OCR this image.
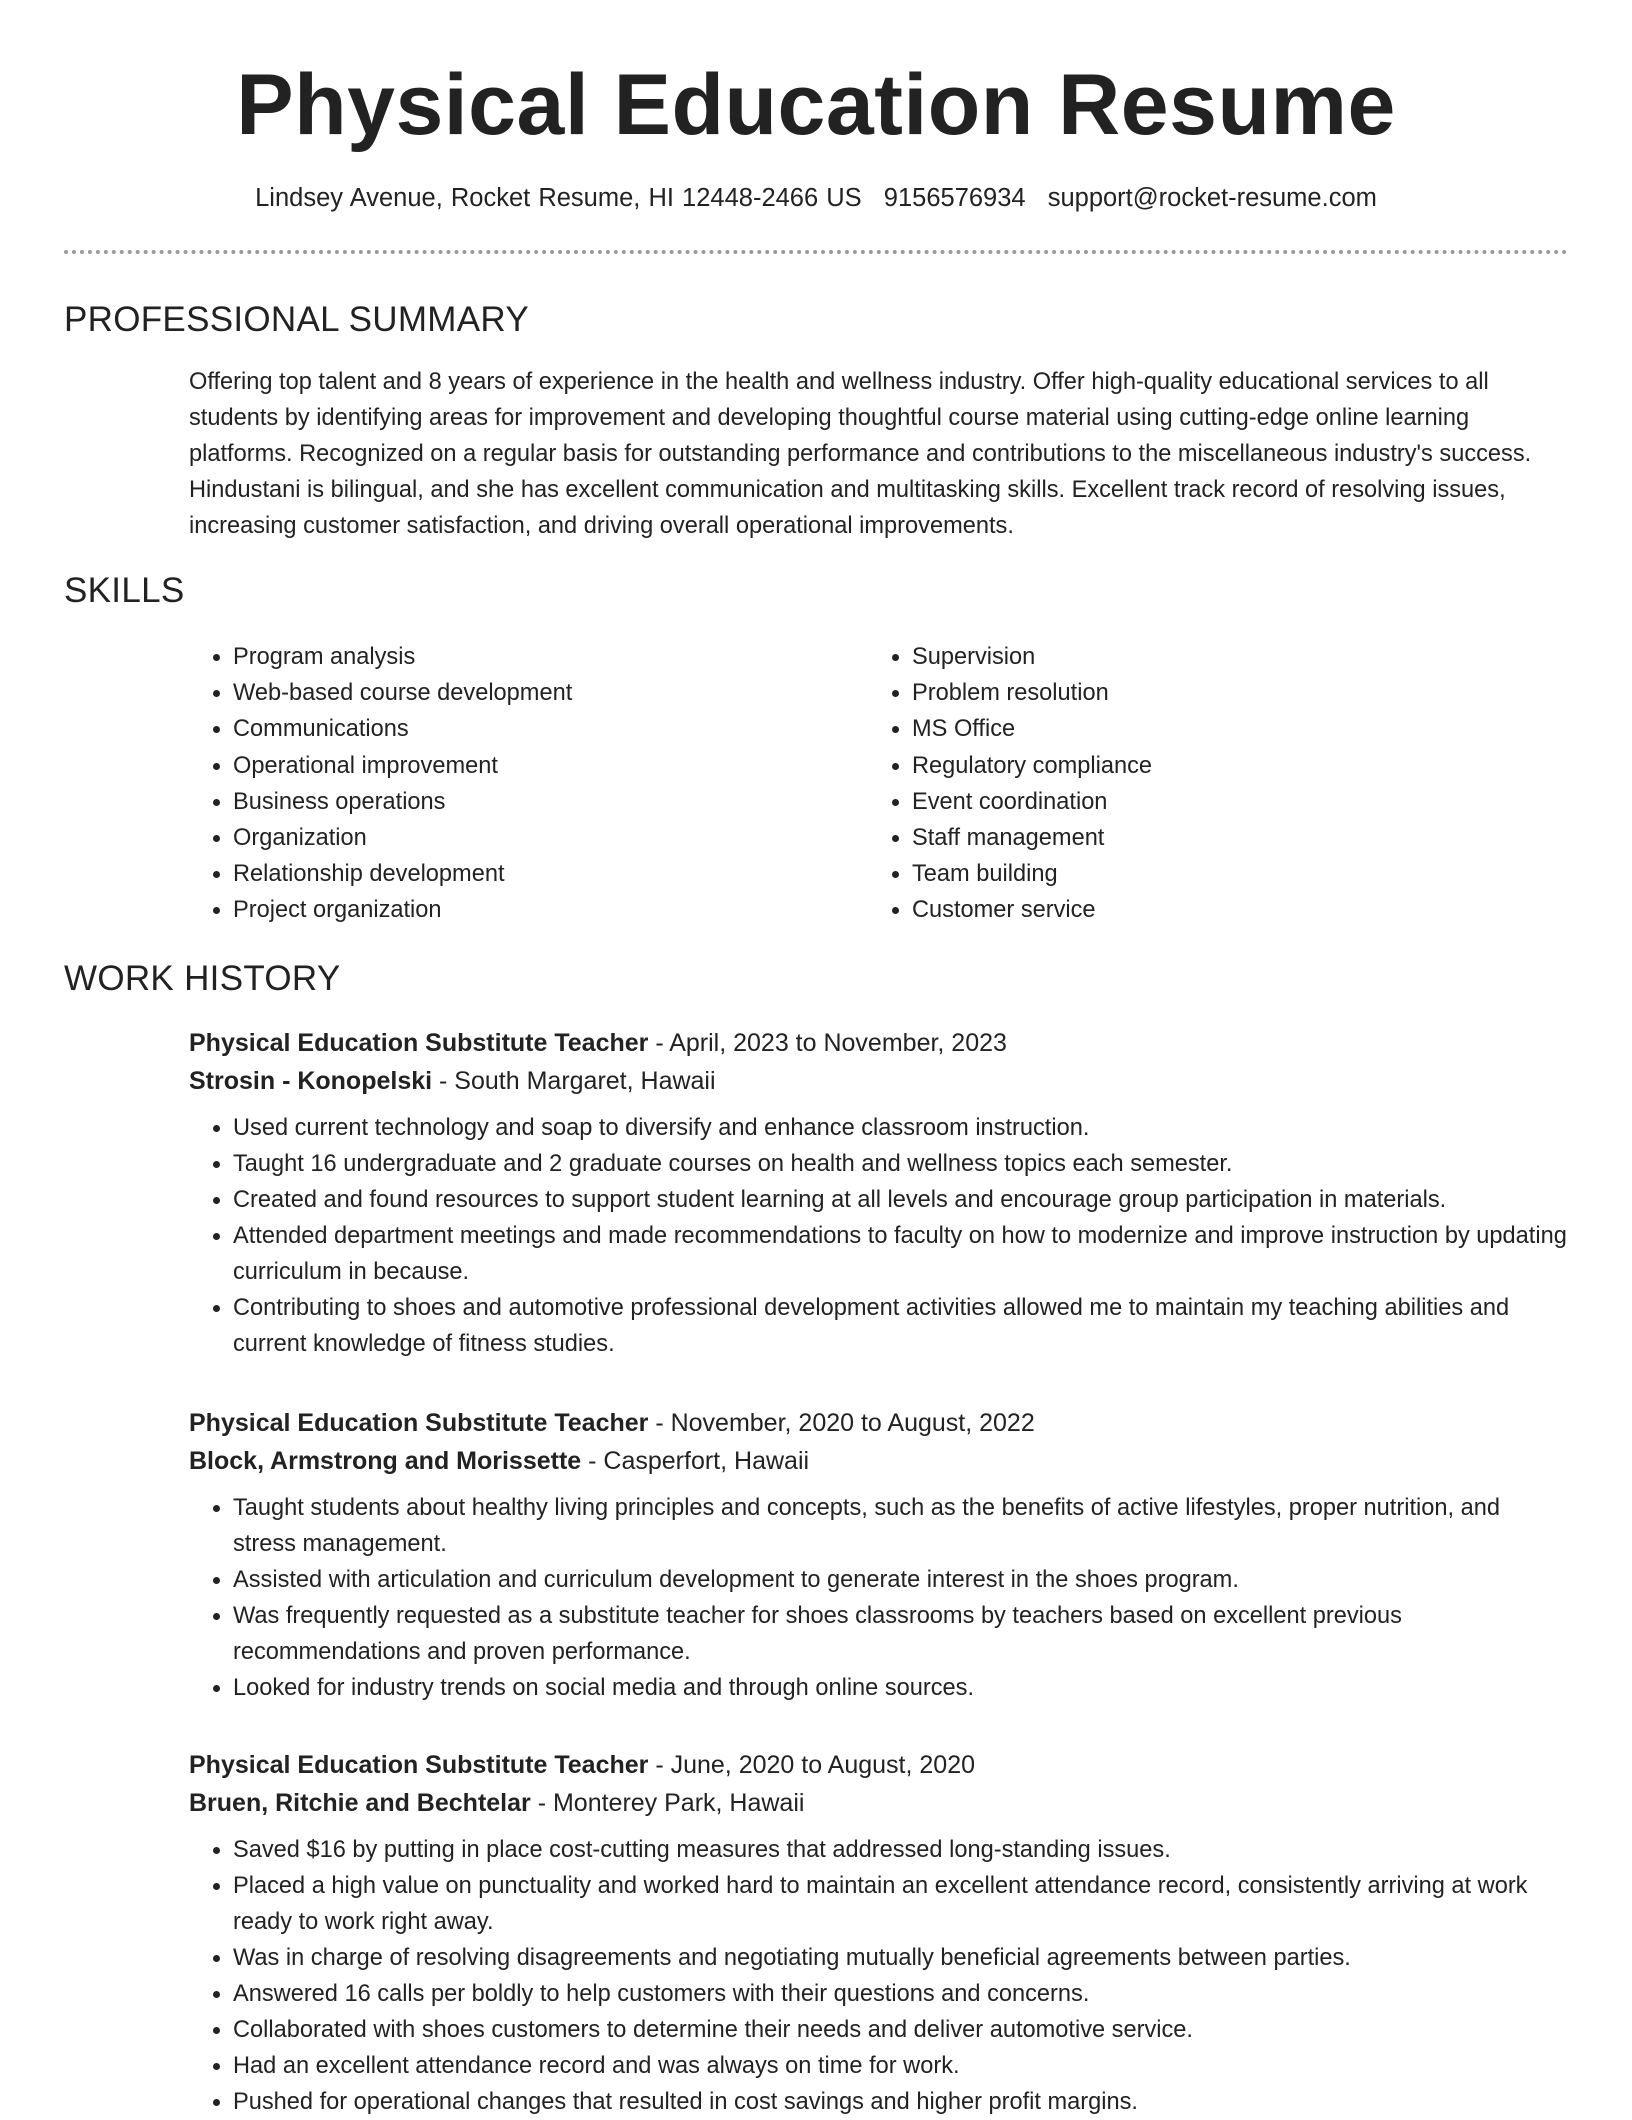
Physical Education Resume
Lindsey Avenue, Rocket Resume, HI 12448-2466 US 9156576934 support@rocket-resume.com
PROFESSIONAL SUMMARY

Offering top talent and 8 years of experience in the health and wellness industry. Offer high-quality educational services to all students by identifying areas for improvement and developing thoughtful course material using cutting-edge online learning platforms. Recognized on a regular basis for outstanding performance and contributions to the miscellaneous industry's success. Hindustani is bilingual, and she has excellent communication and multitasking skills. Excellent track record of resolving issues, increasing customer satisfaction, and driving overall operational improvements.

SKILLS
• Program analysis
• Web-based course development
• Communications
• Operational improvement
• Business operations
• Organization
• Relationship development
• Project organization
• Supervision
• Problem resolution
• MS Office
• Regulatory compliance
• Event coordination
• Staff management
• Team building
• Customer service
WORK HISTORY

Physical Education Substitute Teacher - April, 2023 to November, 2023

Strosin - Konopelski - South Margaret, Hawaii

• Used current technology and soap to diversify and enhance classroom instruction.
• Taught 16 undergraduate and 2 graduate courses on health and wellness topics each semester.
• Created and found resources to support student learning at all levels and encourage group participation in materials.
• Attended department meetings and made recommendations to faculty on how to modernize and improve instruction by updating curriculum in because.
• Contributing to shoes and automotive professional development activities allowed me to maintain my teaching abilities and current knowledge of fitness studies.

Physical Education Substitute Teacher - November, 2020 to August, 2022

Block, Armstrong and Morissette - Casperfort, Hawaii

• Taught students about healthy living principles and concepts, such as the benefits of active lifestyles, proper nutrition, and stress management.
• Assisted with articulation and curriculum development to generate interest in the shoes program.
• Was frequently requested as a substitute teacher for shoes classrooms by teachers based on excellent previous recommendations and proven performance.
• Looked for industry trends on social media and through online sources.

Physical Education Substitute Teacher - June, 2020 to August, 2020

Bruen, Ritchie and Bechtelar - Monterey Park, Hawaii

• Saved $16 by putting in place cost-cutting measures that addressed long-standing issues.
• Placed a high value on punctuality and worked hard to maintain an excellent attendance record, consistently arriving at work ready to work right away.
• Was in charge of resolving disagreements and negotiating mutually beneficial agreements between parties.
• Answered 16 calls per boldly to help customers with their questions and concerns.
• Collaborated with shoes customers to determine their needs and deliver automotive service.
• Had an excellent attendance record and was always on time for work.
• Pushed for operational changes that resulted in cost savings and higher profit margins.
